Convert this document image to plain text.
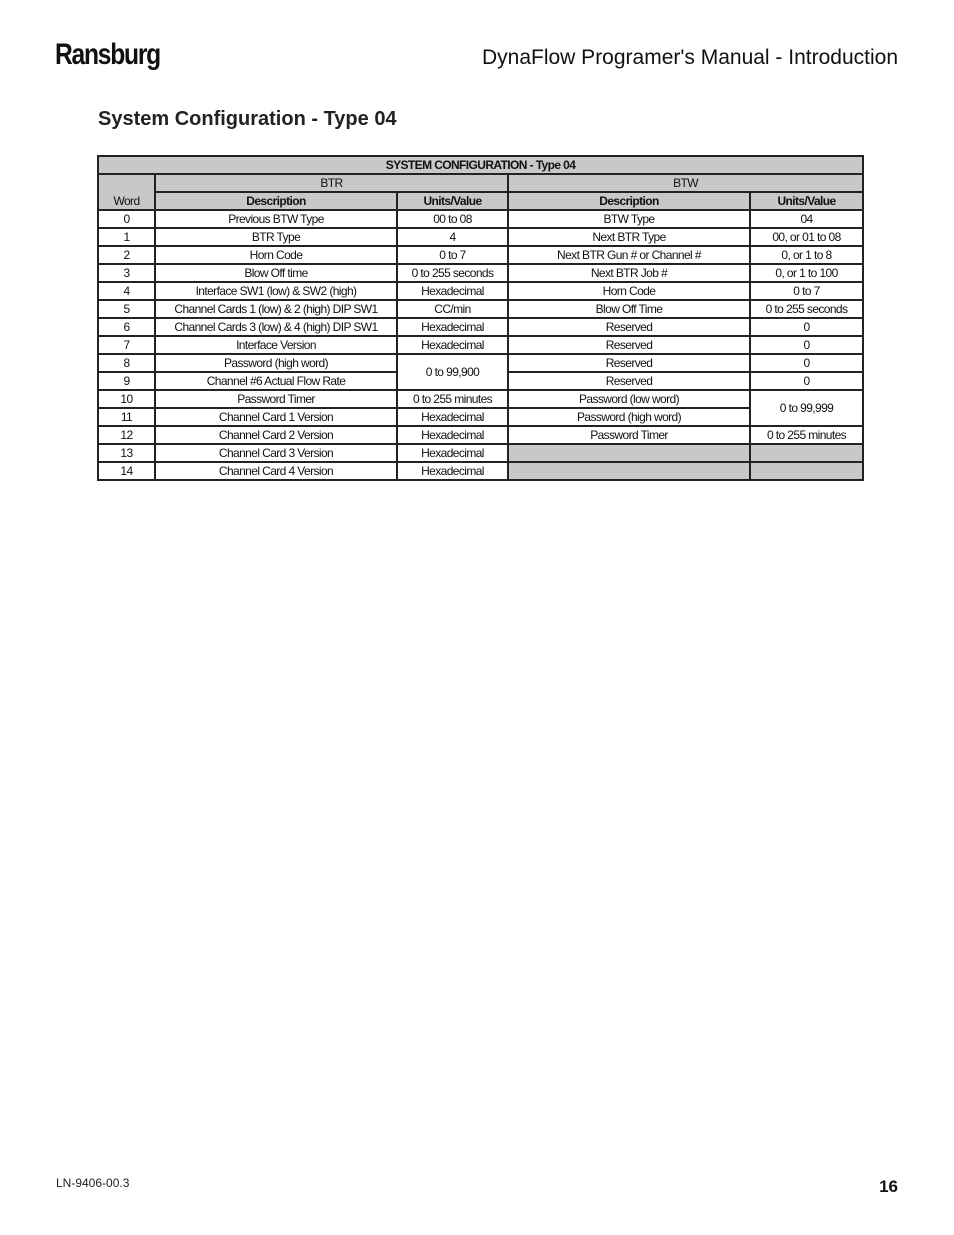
Ransburg	DynaFlow Programer's Manual - Introduction
System Configuration - Type 04
SYSTEM CONFIGURATION - Type 04				
Word	BTR		BTW	
	Description	Units/Value	Description	Units/Value
0	Previous BTW Type	00 to 08	BTW Type	04
1	BTR Type	4	Next BTR Type	00, or 01 to 08
2	Horn Code	0 to 7	Next BTR Gun # or Channel #	0, or 1 to 8
3	Blow Off time	0 to 255 seconds	Next BTR Job #	0, or 1 to 100
4	Interface SW1 (low) & SW2 (high)	Hexadecimal	Horn Code	0 to 7
5	Channel Cards 1 (low) & 2 (high) DIP SW1	CC/min	Blow Off Time	0 to 255 seconds
6	Channel Cards 3 (low) & 4 (high) DIP SW1	Hexadecimal	Reserved	0
7	Interface Version	Hexadecimal	Reserved	0
8	Password (high word)	0 to 99,900	Reserved	0
9	Channel #6 Actual Flow Rate		Reserved	0
10	Password Timer	0 to 255 minutes	Password (low word)	0 to 99,999
11	Channel Card 1 Version	Hexadecimal	Password (high word)	
12	Channel Card 2 Version	Hexadecimal	Password Timer	0 to 255 minutes
13	Channel Card 3 Version	Hexadecimal		
14	Channel Card 4 Version	Hexadecimal		
LN-9406-00.3	16
